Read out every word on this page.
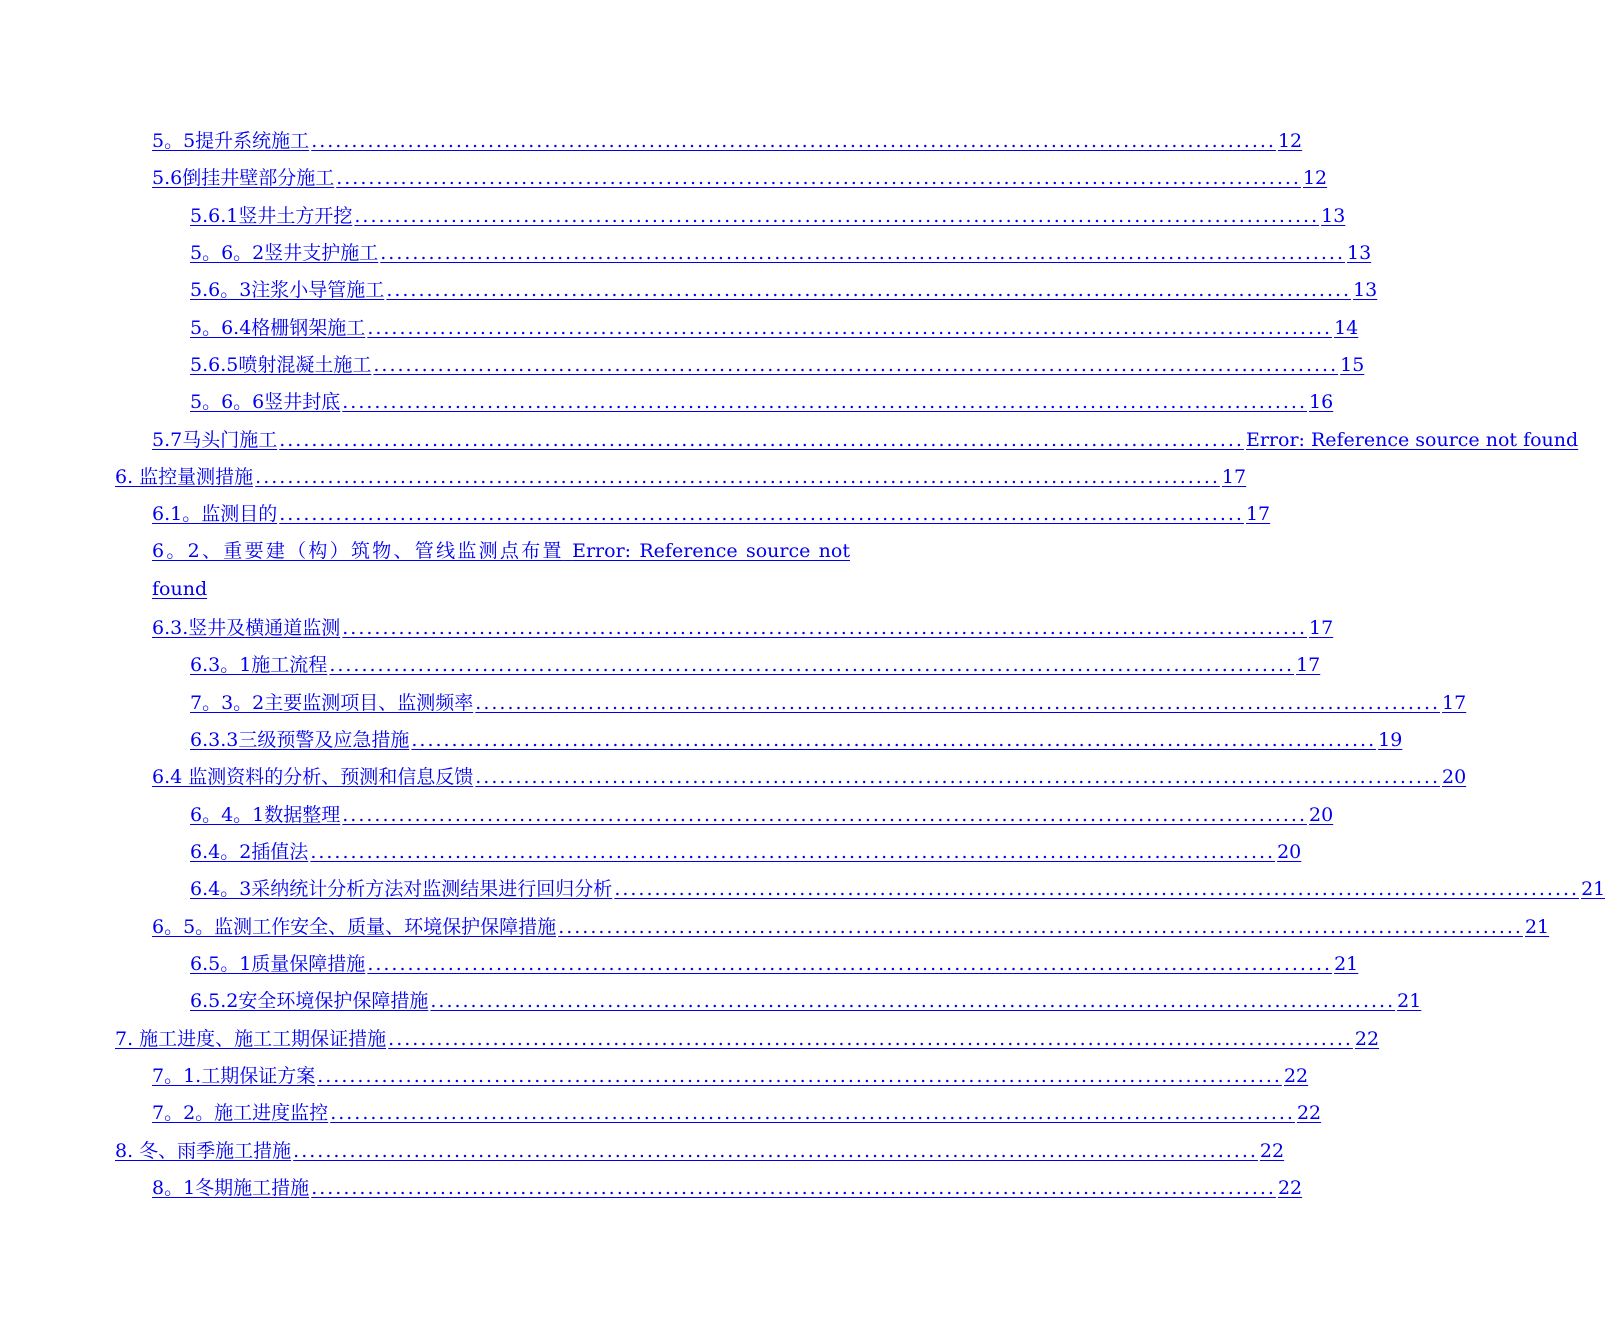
5。5提升系统施工 ........................................................................................................................ 12
5.6倒挂井壁部分施工 ........................................................................................................................ 12
5.6.1竖井土方开挖 ........................................................................................................................ 13
5。6。2竖井支护施工 ........................................................................................................................ 13
5.6。3注浆小导管施工 ........................................................................................................................ 13
5。6.4格栅钢架施工 ........................................................................................................................ 14
5.6.5喷射混凝土施工 ........................................................................................................................ 15
5。6。6竖井封底 ........................................................................................................................ 16
5.7马头门施工 ........................................................................................................................ Error: Reference source not found
6. 监控量测措施 ........................................................................................................................ 17
6.1。监测目的 ........................................................................................................................ 17
6。2、重要建（构）筑物、管线监测点布置 Error: Reference source not found
6.3.竖井及横通道监测 ........................................................................................................................ 17
6.3。1施工流程 ........................................................................................................................ 17
7。3。2主要监测项目、监测频率 ........................................................................................................................ 17
6.3.3三级预警及应急措施 ........................................................................................................................ 19
6.4 监测资料的分析、预测和信息反馈 ........................................................................................................................ 20
6。4。1数据整理 ........................................................................................................................ 20
6.4。2插值法 ........................................................................................................................ 20
6.4。3采纳统计分析方法对监测结果进行回归分析 ........................................................................................................................ 21
6。5。监测工作安全、质量、环境保护保障措施 ........................................................................................................................ 21
6.5。1质量保障措施 ........................................................................................................................ 21
6.5.2安全环境保护保障措施 ........................................................................................................................ 21
7. 施工进度、施工工期保证措施 ........................................................................................................................ 22
7。1.工期保证方案 ........................................................................................................................ 22
7。2。施工进度监控 ........................................................................................................................ 22
8. 冬、雨季施工措施 ........................................................................................................................ 22
8。1冬期施工措施 ........................................................................................................................ 22
